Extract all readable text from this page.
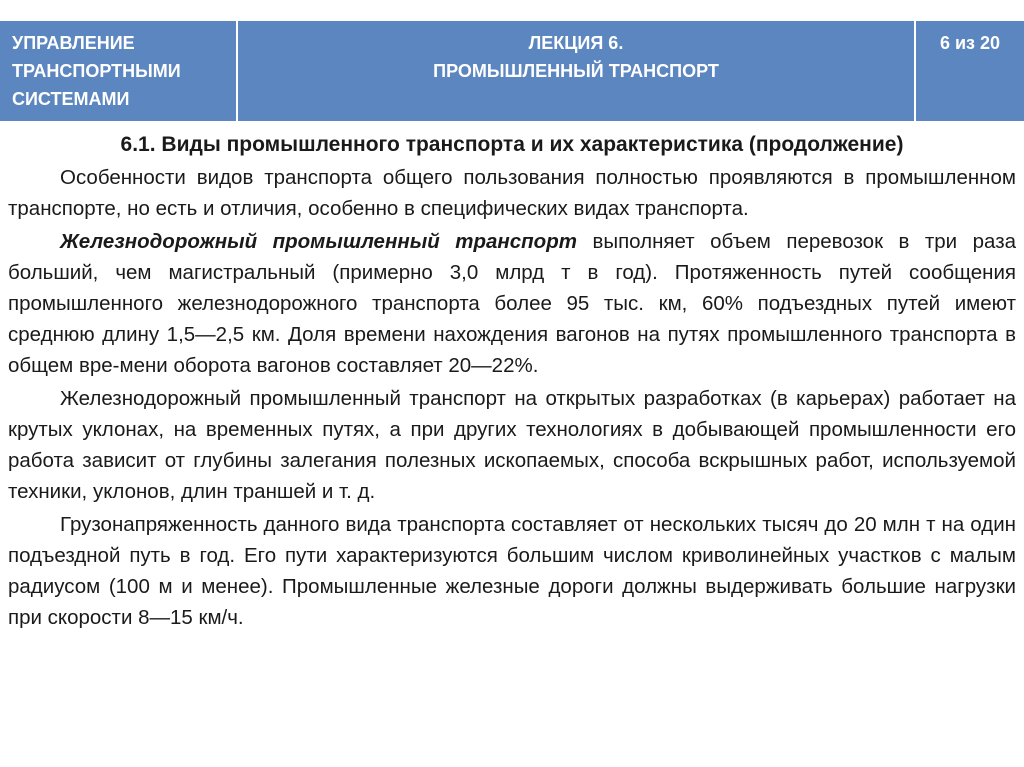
УПРАВЛЕНИЕ
ТРАНСПОРТНЫМИ
СИСТЕМАМИ
ЛЕКЦИЯ 6.
ПРОМЫШЛЕННЫЙ ТРАНСПОРТ
6 из 20
6.1. Виды промышленного транспорта и их характеристика (продолжение)

Особенности видов транспорта общего пользования полностью проявляются в промышленном транспорте, но есть и отличия, особенно в специфических видах транспорта.

Железнодорожный промышленный транспорт выполняет объем перевозок в три раза больший, чем магистральный (примерно 3,0 млрд т в год). Протяженность путей сообщения промышленного железнодорожного транспорта более 95 тыс. км, 60% подъездных путей имеют среднюю длину 1,5—2,5 км. Доля времени нахождения вагонов на путях промышленного транспорта в общем вре-мени оборота вагонов составляет 20—22%.

Железнодорожный промышленный транспорт на открытых разработках (в карьерах) работает на крутых уклонах, на временных путях, а при других технологиях в добывающей промышленности его работа зависит от глубины залегания полезных ископаемых, способа вскрышных работ, используемой техники, уклонов, длин траншей и т. д.

Грузонапряженность данного вида транспорта составляет от нескольких тысяч до 20 млн т на один подъездной путь в год. Его пути характеризуются большим числом криволинейных участков с малым радиусом (100 м и менее). Промышленные железные дороги должны выдерживать большие нагрузки при скорости 8—15 км/ч.
